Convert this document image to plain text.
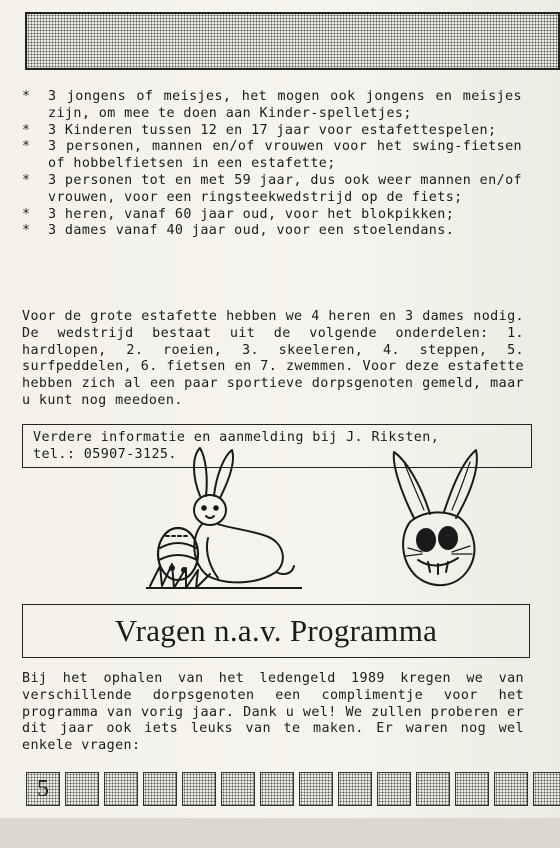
* 3 jongens of meisjes, het mogen ook jongens en meisjes zijn, om mee te doen aan Kinder-spelletjes;
* 3 Kinderen tussen 12 en 17 jaar voor estafettespelen;
* 3 personen, mannen en/of vrouwen voor het swing-fietsen of hobbelfietsen in een estafette;
* 3 personen tot en met 59 jaar, dus ook weer mannen en/of vrouwen, voor een ringsteekwedstrijd op de fiets;
* 3 heren, vanaf 60 jaar oud, voor het blokpikken;
* 3 dames vanaf 40 jaar oud, voor een stoelendans.

Voor de grote estafette hebben we 4 heren en 3 dames nodig. De wedstrijd bestaat uit de volgende onderdelen: 1. hardlopen, 2. roeien, 3. skeeleren, 4. steppen, 5. surfpeddelen, 6. fietsen en 7. zwemmen. Voor deze estafette hebben zich al een paar sportieve dorpsgenoten gemeld, maar u kunt nog meedoen.

Verdere informatie en aanmelding bij J. Riksten,
tel.: 05907-3125.
Vragen n.a.v. Programma

Bij het ophalen van het ledengeld 1989 kregen we van verschillende dorpsgenoten een complimentje voor het programma van vorig jaar. Dank u wel! We zullen proberen er dit jaar ook iets leuks van te maken. Er waren nog wel enkele vragen:

5
